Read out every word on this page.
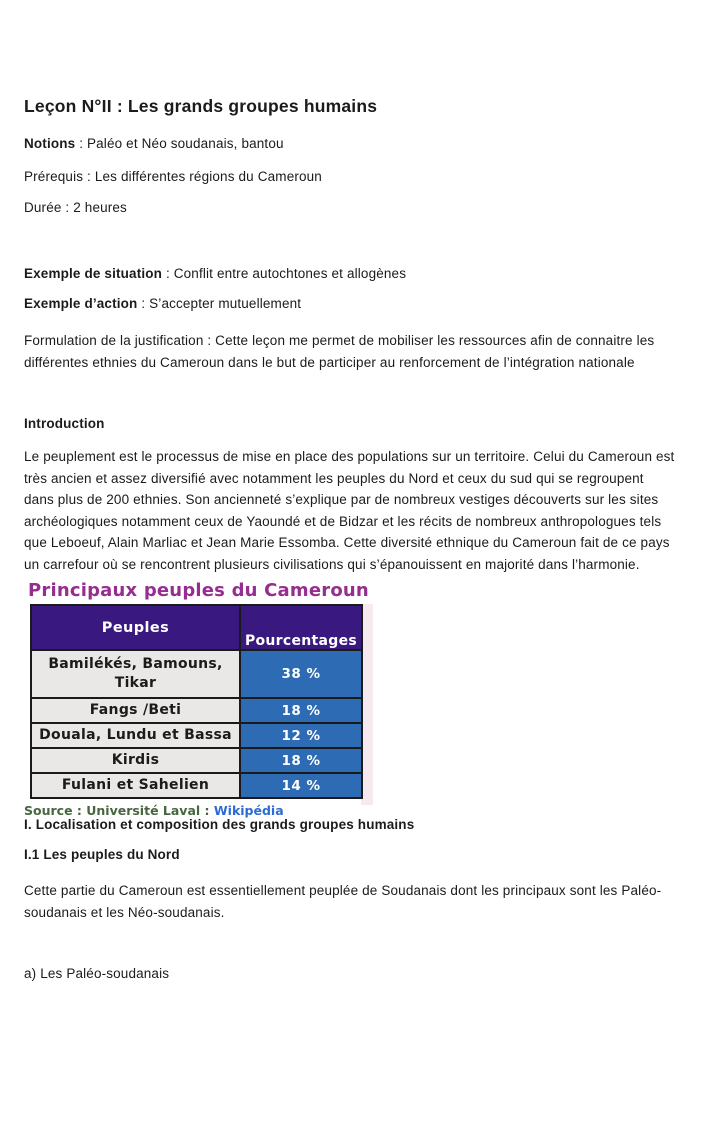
Leçon N°II : Les grands groupes humains
Notions : Paléo et Néo soudanais, bantou
Prérequis : Les différentes régions du Cameroun
Durée : 2 heures
Exemple de situation : Conflit entre autochtones et allogènes
Exemple d’action : S’accepter mutuellement
Formulation de la justification : Cette leçon me permet de mobiliser les ressources afin de connaitre les
différentes ethnies du Cameroun dans le but de participer au renforcement de l’intégration nationale
Introduction
Le peuplement est le processus de mise en place des populations sur un territoire. Celui du Cameroun est
très ancien et assez diversifié avec notamment les peuples du Nord et ceux du sud qui se regroupent
dans plus de 200 ethnies. Son ancienneté s’explique par de nombreux vestiges découverts sur les sites
archéologiques notamment ceux de Yaoundé et de Bidzar et les récits de nombreux anthropologues tels
que Leboeuf, Alain Marliac et Jean Marie Essomba. Cette diversité ethnique du Cameroun fait de ce pays
un carrefour où se rencontrent plusieurs civilisations qui s’épanouissent en majorité dans l’harmonie.
Principaux peuples du Cameroun
Peuples	Pourcentages
Bamilékés, Bamouns, Tikar	38 %
Fangs /Beti	18 %
Douala, Lundu et Bassa	12 %
Kirdis	18 %
Fulani et Sahelien	14 %
Source : Université Laval : Wikipédia
I. Localisation et composition des grands groupes humains
I.1 Les peuples du Nord
Cette partie du Cameroun est essentiellement peuplée de Soudanais dont les principaux sont les Paléo-
soudanais et les Néo-soudanais.
a) Les Paléo-soudanais
